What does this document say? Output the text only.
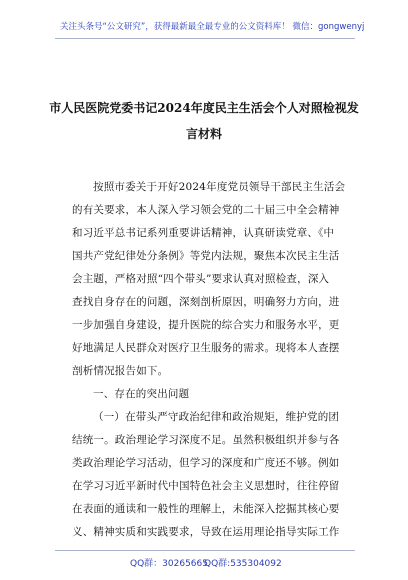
关注头条号“公文研究”，获得最新最全最专业的公文资料库！ 微信：gongwenyj
市人民医院党委书记2024年度民主生活会个人对照检视发
言材料
按照市委关于开好2024年度党员领导干部民主生活会
的有关要求，本人深入学习领会党的二十届三中全会精神
和习近平总书记系列重要讲话精神，认真研读党章、《中
国共产党纪律处分条例》等党内法规，聚焦本次民主生活
会主题，严格对照“四个带头”要求认真对照检查，深入
查找自身存在的问题，深刻剖析原因，明确努力方向，进
一步加强自身建设，提升医院的综合实力和服务水平，更
好地满足人民群众对医疗卫生服务的需求。现将本人查摆
剖析情况报告如下。
一、存在的突出问题
（一）在带头严守政治纪律和政治规矩，维护党的团
结统一。政治理论学习深度不足。虽然积极组织并参与各
类政治理论学习活动，但学习的深度和广度还不够。例如
在学习习近平新时代中国特色社会主义思想时，往往停留
在表面的通读和一般性的理解上，未能深入挖掘其核心要
义、精神实质和实践要求，导致在运用理论指导实际工作
QQ群：30265665
QQ群:535304092
